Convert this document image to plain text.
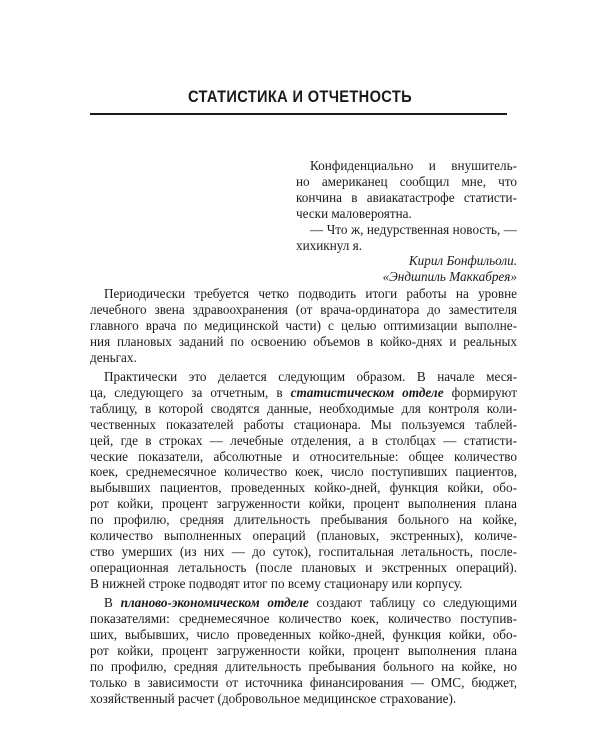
СТАТИСТИКА И ОТЧЕТНОСТЬ
Конфиденциально и внушитель-
но американец сообщил мне, что
кончина в авиакатастрофе статисти-
чески маловероятна.
— Что ж, недурственная новость, —
хихикнул я.
Кирил Бонфильоли.
«Эндшпиль Маккабрея»
Периодически требуется четко подводить итоги работы на уровне
лечебного звена здравоохранения (от врача-ординатора до заместителя
главного врача по медицинской части) с целью оптимизации выполне-
ния плановых заданий по освоению объемов в койко-днях и реальных
деньгах.
Практически это делается следующим образом. В начале меся-
ца, следующего за отчетным, в статистическом отделе формируют
таблицу, в которой сводятся данные, необходимые для контроля коли-
чественных показателей работы стационара. Мы пользуемся таблей-
цей, где в строках — лечебные отделения, а в столбцах — статисти-
ческие показатели, абсолютные и относительные: общее количество
коек, среднемесячное количество коек, число поступивших пациентов,
выбывших пациентов, проведенных койко-дней, функция койки, обо-
рот койки, процент загруженности койки, процент выполнения плана
по профилю, средняя длительность пребывания больного на койке,
количество выполненных операций (плановых, экстренных), количе-
ство умерших (из них — до суток), госпитальная летальность, после-
операционная летальность (после плановых и экстренных операций).
В нижней строке подводят итог по всему стационару или корпусу.
В планово-экономическом отделе создают таблицу со следующими
показателями: среднемесячное количество коек, количество поступив-
ших, выбывших, число проведенных койко-дней, функция койки, обо-
рот койки, процент загруженности койки, процент выполнения плана
по профилю, средняя длительность пребывания больного на койке, но
только в зависимости от источника финансирования — ОМС, бюджет,
хозяйственный расчет (добровольное медицинское страхование).
